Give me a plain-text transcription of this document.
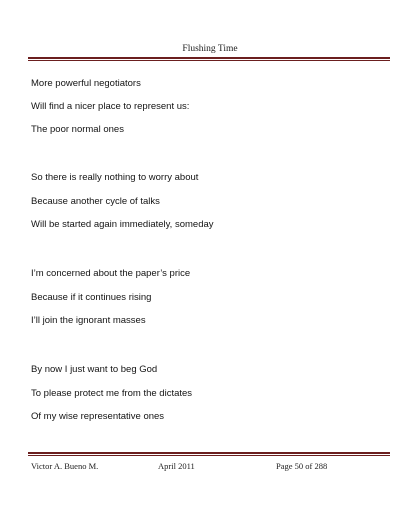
Flushing Time
More powerful negotiators
Will find a nicer place to represent us:
The poor normal ones
So there is really nothing to worry about
Because another cycle of talks
Will be started again immediately, someday
I’m concerned about the paper’s price
Because if it continues rising
I’ll join the ignorant masses
By now I just want to beg God
To please protect me from the dictates
Of my wise representative ones
Victor A. Bueno M.	April 2011	Page 50 of 288
